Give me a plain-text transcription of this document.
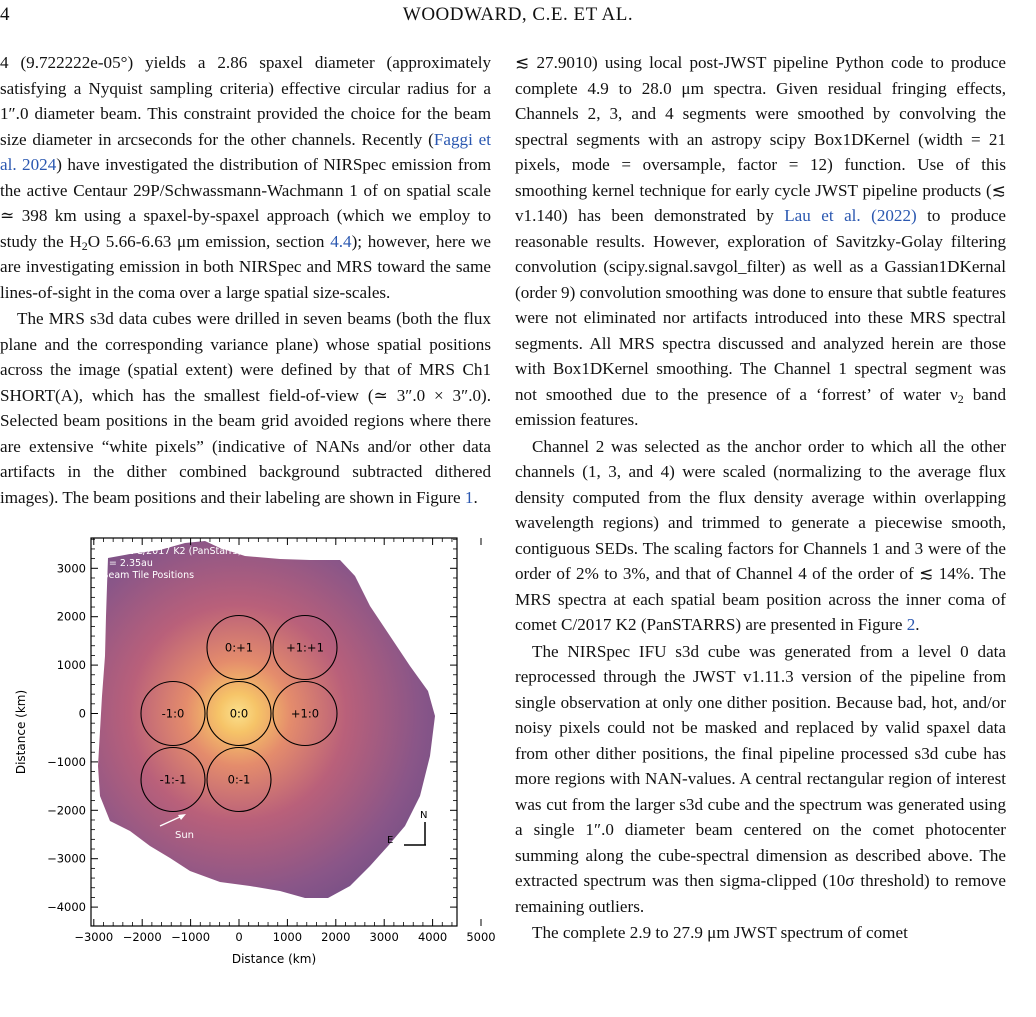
4	WOODWARD, C.E. ET AL.

4 (9.722222e-05°) yields a 2.86 spaxel diameter (approximately satisfying a Nyquist sampling criteria) effective circular radius for a 1″.0 diameter beam. This constraint provided the choice for the beam size diameter in arcseconds for the other channels. Recently (Faggi et al. 2024) have investigated the distribution of NIRSpec emission from the active Centaur 29P/Schwassmann-Wachmann 1 of on spatial scale ≃ 398 km using a spaxel-by-spaxel approach (which we employ to study the $H_2O$ 5.66-6.63 μm emission, section 4.4); however, here we are investigating emission in both NIRSpec and MRS toward the same lines-of-sight in the coma over a large spatial size-scales.

The MRS s3d data cubes were drilled in seven beams (both the flux plane and the corresponding variance plane) whose spatial positions across the image (spatial extent) were defined by that of MRS Ch1 SHORT(A), which has the smallest field-of-view (≃ 3″.0 × 3″.0). Selected beam positions in the beam grid avoided regions where there are extensive “white pixels” (indicative of NANs and/or other data artifacts in the dither combined background subtracted dithered images). The beam positions and their labeling are shown in Figure 1.

≲ 27.9010) using local post-JWST pipeline Python code to produce complete 4.9 to 28.0 μm spectra. Given residual fringing effects, Channels 2, 3, and 4 segments were smoothed by convolving the spectral segments with an astropy scipy Box1DKernel (width = 21 pixels, mode = oversample, factor = 12) function. Use of this smoothing kernel technique for early cycle JWST pipeline products (≲ v1.140) has been demonstrated by Lau et al. (2022) to produce reasonable results. However, exploration of Savitzky-Golay filtering convolution (scipy.signal.savgol_filter) as well as a Gassian1DKernal (order 9) convolution smoothing was done to ensure that subtle features were not eliminated nor artifacts introduced into these MRS spectral segments. All MRS spectra discussed and analyzed herein are those with Box1DKernel smoothing. The Channel 1 spectral segment was not smoothed due to the presence of a ‘forrest’ of water $\nu_2$ band emission features.

Channel 2 was selected as the anchor order to which all the other channels (1, 3, and 4) were scaled (normalizing to the average flux density computed from the flux density average within overlapping wavelength regions) and trimmed to generate a piecewise smooth, contiguous SEDs. The scaling factors for Channels 1 and 3 were of the order of 2% to 3%, and that of Channel 4 of the order of ≲ 14%. The MRS spectra at each spatial beam position across the inner coma of comet C/2017 K2 (PanSTARRS) are presented in Figure 2.

The NIRSpec IFU s3d cube was generated from a level 0 data reprocessed through the JWST v1.11.3 version of the pipeline from single observation at only one dither position. Because bad, hot, and/or noisy pixels could not be masked and replaced by valid spaxel data from other dither positions, the final pipeline processed s3d cube has more regions with NAN-values. A central rectangular region of interest was cut from the larger s3d cube and the spectrum was generated using a single 1″.0 diameter beam centered on the comet photocenter summing along the cube-spectral dimension as described above. The extracted spectrum was then sigma-clipped (10σ threshold) to remove remaining outliers.

The complete 2.9 to 27.9 μm JWST spectrum of comet

−3000 −2000 −1000 0	1000 2000 3000 4000 5000
3000
2000
1000
0
−1000
−2000
−3000
−4000
0:+1	+1:+1
-1:0	0:0	+1:0
-1:-1	0:-1
Comet C/2017 K2 (PanStarrs)
r = 2.35au
Beam Tile Positions
Sun
N
E
Distance (km)
Distance (km)
